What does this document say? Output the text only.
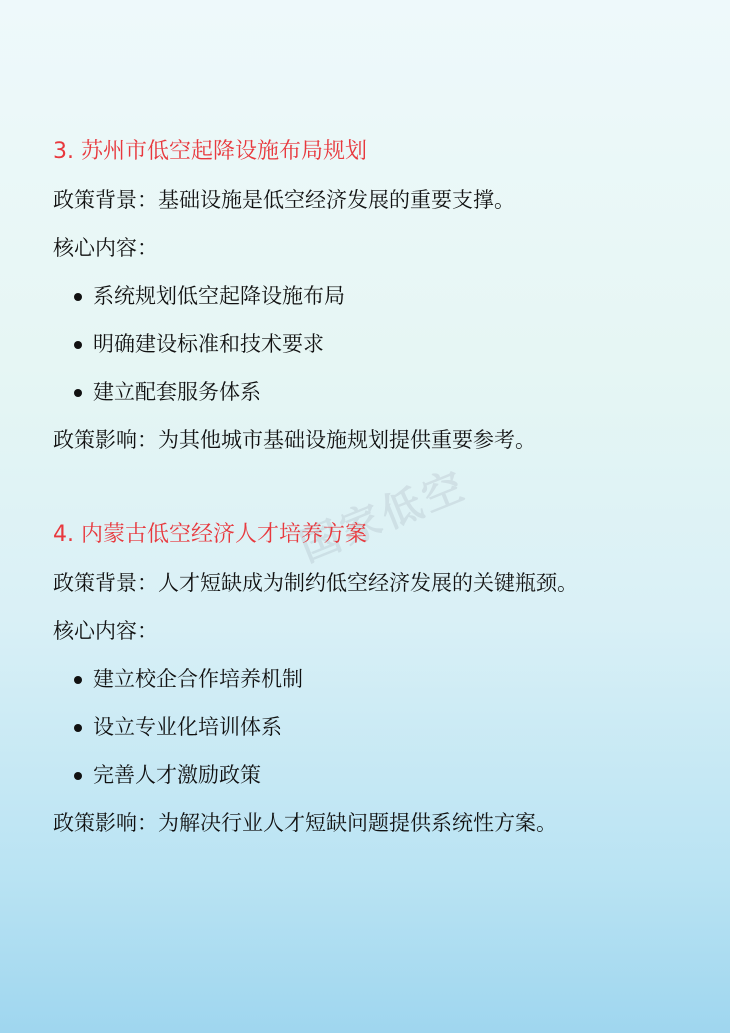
国家低空
3. 苏州市低空起降设施布局规划
政策背景：基础设施是低空经济发展的重要支撑。
核心内容：
系统规划低空起降设施布局
明确建设标准和技术要求
建立配套服务体系
政策影响：为其他城市基础设施规划提供重要参考。
4. 内蒙古低空经济人才培养方案
政策背景：人才短缺成为制约低空经济发展的关键瓶颈。
核心内容：
建立校企合作培养机制
设立专业化培训体系
完善人才激励政策
政策影响：为解决行业人才短缺问题提供系统性方案。
